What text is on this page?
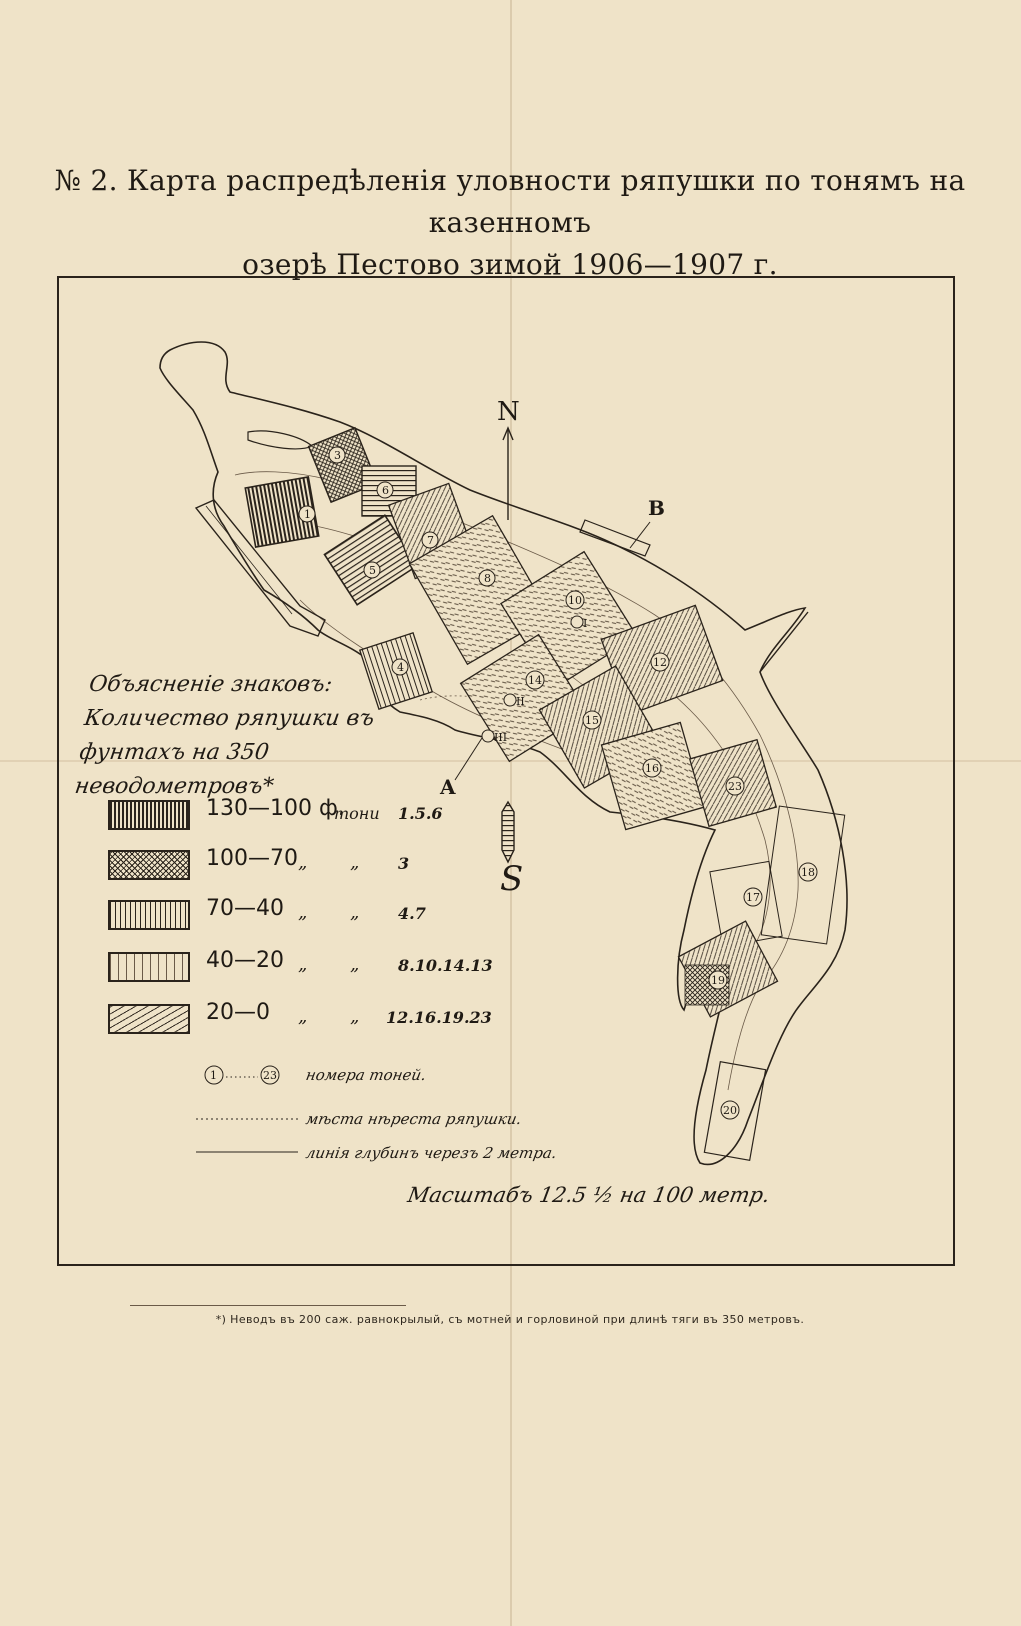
№ 2. Карта распредѣленія уловности ряпушки по тонямъ на казенномъ
озерѣ Пестово зимой 1906—1907 г.
3
1
6
5
7
4
8
10
14
12
15
16
23
18
17
19
20
I
II
III
N
S
A
B
Объясненіе знаковъ:
Количество ряпушки въ
фунтахъ на 350 неводометровъ*
130—100 ф.
тони 1.5.6
100—70 „ „ 3
70—40 „ „ 4.7
40—20 „ „ 8.10.14.13
20—0 „ „ 12.16.19.23
1	23 номера тоней.
мѣста нѣреста ряпушки.
линія глубинъ черезъ 2 метра.
Масштабъ 12.5 ½ на 100 метр.
*) Неводъ въ 200 саж. равнокрылый, съ мотней и горловиной при длинѣ тяги въ 350 метровъ.
